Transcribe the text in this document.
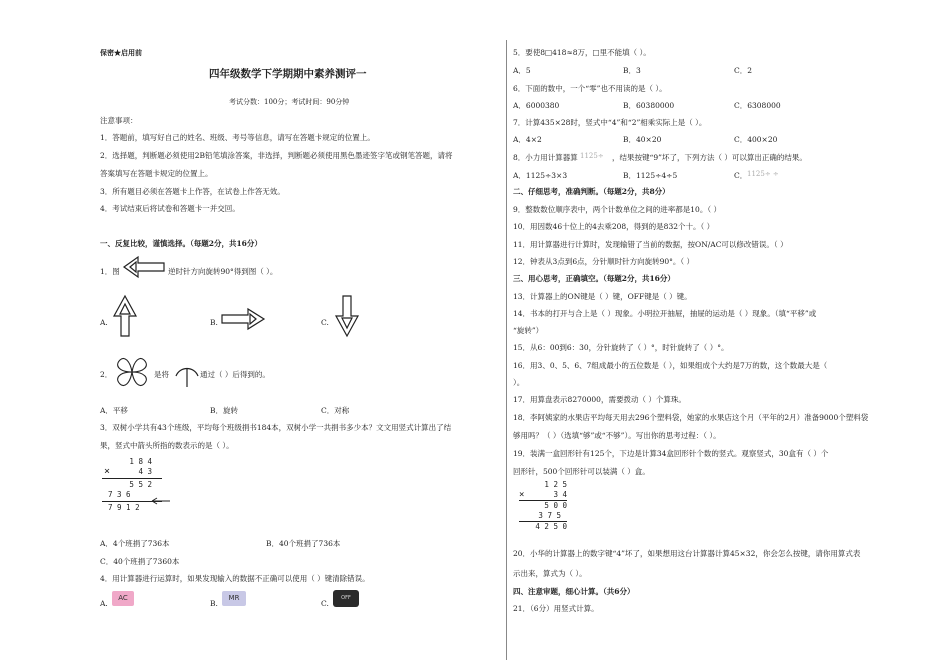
保密★启用前
四年级数学下学期期中素养测评一
考试分数：100分；考试时间：90分钟
注意事项：
1．答题前，填写好自己的姓名、班级、考号等信息，请写在答题卡规定的位置上。
2．选择题，判断题必须使用2B铅笔填涂答案，非选择，判断题必须使用黑色墨迹签字笔或钢笔答题，请将
答案填写在答题卡规定的位置上。
3．所有题目必须在答题卡上作答，在试卷上作答无效。
4．考试结束后将试卷和答题卡一并交回。
一、反复比较，谨慎选择。（每题2分，共16分）
1．图	逆时针方向旋转90°得到图（ ）。
A.	B.	C.
2．	是将	通过（ ）后得到的。
A．平移	B．旋转	C．对称
3．双树小学共有43个班级，平均每个班级捐书184本，双树小学一共捐书多少本？文文用竖式计算出了结
果，竖式中箭头所指的数表示的是（ ）。
1 8 4
×	4 3
5 5 2
7 3 6
7 9 1 2
A．4个班捐了736本	B．40个班捐了736本
C．40个班捐了7360本
4．用计算器进行运算时，如果发现输入的数据不正确可以使用（ ）键清除错误。
A.
AC
B.
MR
C.
OFF
5．要使8□418≈8万，□里不能填（ ）。
A．5	B．3	C．2
6．下面的数中，一个“零”也不用读的是（ ）。
A．6000380	B．60380000	C．6308000
7．计算435×28时，竖式中“4”和“2”相乘实际上是（ ）。
A．4×2	B．40×20	C．400×20
8．小力用计算器算 1125÷ ，结果按键“9”坏了，下列方法（ ）可以算出正确的结果。
A．1125÷3×3	B．1125÷4÷5	C． 1125÷ ÷
二、仔细思考，准确判断。（每题2分，共8分）
9．整数数位顺序表中，两个计数单位之间的进率都是10。（ ）
10．用因数46十位上的4去乘208，得到的是832个十。（ ）
11．用计算器进行计算时，发现输错了当前的数据，按ON/AC可以修改错误。（ ）
12．钟表从3点到6点，分针顺时针方向旋转90°。（ ）
三、用心思考，正确填空。（每题2分，共16分）
13．计算器上的ON键是（ ）键，OFF键是（ ）键。
14．书本的打开与合上是（ ）现象。小明拉开抽屉，抽屉的运动是（ ）现象。（填“平移”或
“旋转”）
15．从6：00到6：30，分针旋转了（ ）°，时针旋转了（ ）°。
16．用3、0、5、6、7组成最小的五位数是（ ），如果组成个大约是7万的数，这个数最大是（
）。
17．用算盘表示8270000，需要拨动（ ）个算珠。
18．李阿姨家的水果店平均每天用去296个塑料袋，她家的水果店这个月（平年的2月）准备9000个塑料袋
够用吗？（ ）（选填“够”或“不够”）。写出你的思考过程：（ ）。
19．装满一盒回形针有125个，下边是计算34盒回形针个数的竖式。观察竖式，30盒有（ ）个
回形针，500个回形针可以装满（ ）盒。
1 2 5
×	3 4
5 0 0
3 7 5
4 2 5 0
20．小华的计算器上的数字键“4”坏了，如果想用这台计算器计算45×32，你会怎么按键，请你用算式表
示出来，算式为（ ）。
四、注意审题，细心计算。（共6分）
21．（6分）用竖式计算。
